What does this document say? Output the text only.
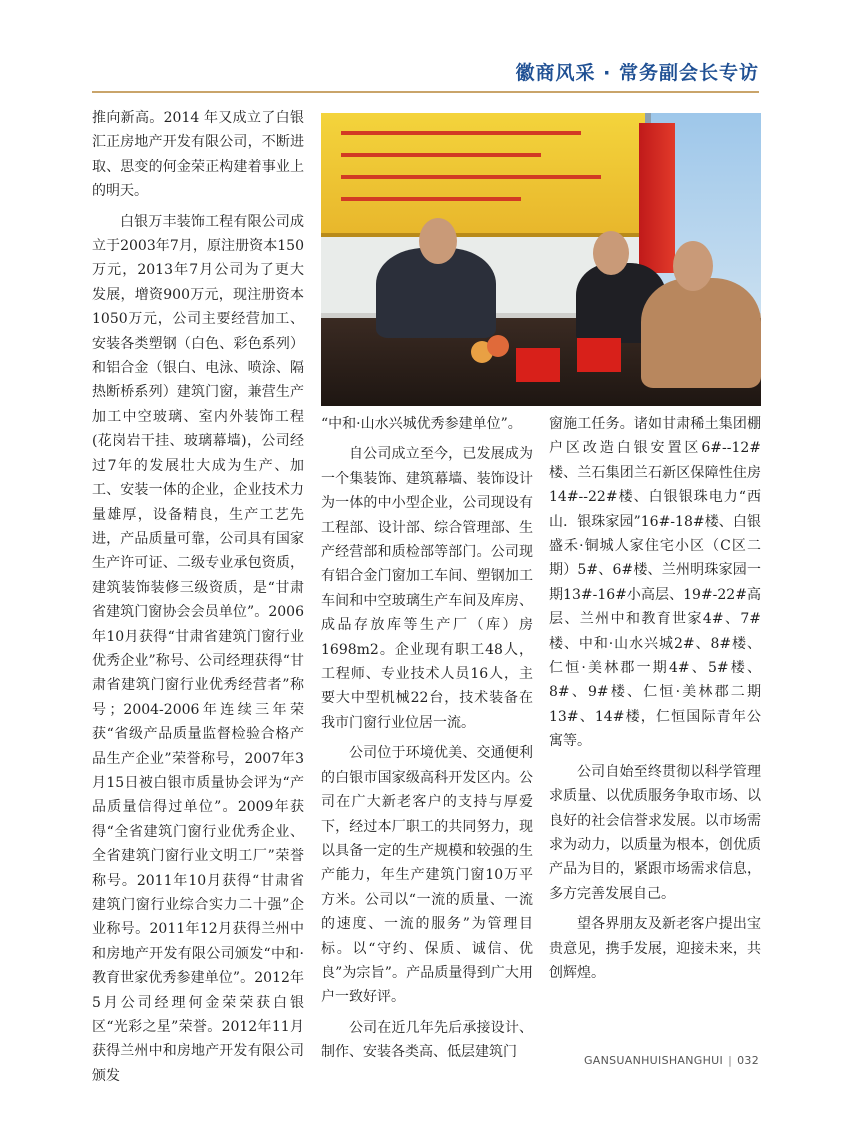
徽商风采 · 常务副会长专访

推向新高。2014 年又成立了白银汇正房地产开发有限公司，不断进取、思变的何金荣正构建着事业上的明天。

白银万丰装饰工程有限公司成立于2003年7月，原注册资本150万元，2013年7月公司为了更大发展，增资900万元，现注册资本1050万元，公司主要经营加工、安装各类塑钢（白色、彩色系列）和铝合金（银白、电泳、喷涂、隔热断桥系列）建筑门窗，兼营生产加工中空玻璃、室内外装饰工程(花岗岩干挂、玻璃幕墙)，公司经过7年的发展壮大成为生产、加工、安装一体的企业，企业技术力量雄厚，设备精良，生产工艺先进，产品质量可靠，公司具有国家生产许可证、二级专业承包资质，建筑装饰装修三级资质，是“甘肃省建筑门窗协会会员单位”。2006年10月获得“甘肃省建筑门窗行业优秀企业”称号、公司经理获得“甘肃省建筑门窗行业优秀经营者”称号；2004-2006年连续三年荣获“省级产品质量监督检验合格产品生产企业”荣誉称号，2007年3月15日被白银市质量协会评为“产品质量信得过单位”。2009年获得“全省建筑门窗行业优秀企业、全省建筑门窗行业文明工厂”荣誉称号。2011年10月获得“甘肃省建筑门窗行业综合实力二十强”企业称号。2011年12月获得兰州中和房地产开发有限公司颁发“中和·教育世家优秀参建单位”。2012年5月公司经理何金荣荣获白银区“光彩之星”荣誉。2012年11月获得兰州中和房地产开发有限公司颁发

“中和·山水兴城优秀参建单位”。

自公司成立至今，已发展成为一个集装饰、建筑幕墙、装饰设计为一体的中小型企业，公司现设有工程部、设计部、综合管理部、生产经营部和质检部等部门。公司现有铝合金门窗加工车间、塑钢加工车间和中空玻璃生产车间及库房、成品存放库等生产厂（库）房1698m2。企业现有职工48人，工程师、专业技术人员16人，主要大中型机械22台，技术装备在我市门窗行业位居一流。

公司位于环境优美、交通便利的白银市国家级高科开发区内。公司在广大新老客户的支持与厚爱下，经过本厂职工的共同努力，现以具备一定的生产规模和较强的生产能力，年生产建筑门窗10万平方米。公司以“一流的质量、一流的速度、一流的服务”为管理目标。以“守约、保质、诚信、优良”为宗旨”。产品质量得到广大用户一致好评。

公司在近几年先后承接设计、制作、安装各类高、低层建筑门

窗施工任务。诸如甘肃稀土集团棚户区改造白银安置区6#--12#楼、兰石集团兰石新区保障性住房14#--22#楼、白银银珠电力“西山．银珠家园”16#-18#楼、白银盛禾·铜城人家住宅小区（C区二期）5#、6#楼、兰州明珠家园一期13#-16#小高层、19#-22#高层、兰州中和教育世家4#、7#楼、中和·山水兴城2#、8#楼、仁恒·美林郡一期4#、5#楼、8#、9#楼、仁恒·美林郡二期13#、14#楼，仁恒国际青年公寓等。

公司自始至终贯彻以科学管理求质量、以优质服务争取市场、以良好的社会信誉求发展。以市场需求为动力，以质量为根本，创优质产品为目的，紧跟市场需求信息，多方完善发展自己。

望各界朋友及新老客户提出宝贵意见，携手发展，迎接未来，共创辉煌。

GANSUANHUISHANGHUI | 032
